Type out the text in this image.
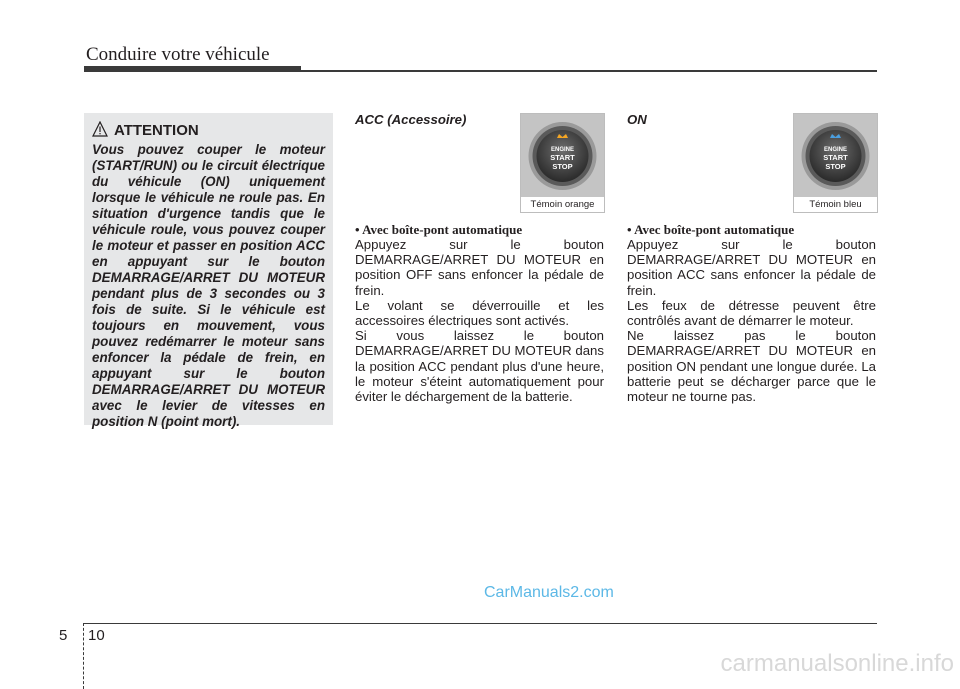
Conduire votre véhicule
ATTENTION
Vous pouvez couper le moteur (START/RUN) ou le circuit électrique du véhicule (ON) uniquement lorsque le véhicule ne roule pas. En situation d'urgence tandis que le véhicule roule, vous pouvez couper le moteur et passer en position ACC en appuyant sur le bouton DEMARRAGE/ARRET DU MOTEUR pendant plus de 3 secondes ou 3 fois de suite. Si le véhicule est toujours en mouvement, vous pouvez redémarrer le moteur sans enfoncer la pédale de frein, en appuyant sur le bouton DEMARRAGE/ARRET DU MOTEUR avec le levier de vitesses en position N (point mort).
ACC (Accessoire)
ENGINE
START
STOP
Témoin orange
• Avec boîte-pont automatique

Appuyez sur le bouton DEMARRAGE/ARRET DU MOTEUR en position OFF sans enfoncer la pédale de frein.

Le volant se déverrouille et les accessoires électriques sont activés.

Si vous laissez le bouton DEMARRAGE/ARRET DU MOTEUR dans la position ACC pendant plus d'une heure, le moteur s'éteint automatiquement pour éviter le déchargement de la batterie.

ON
ENGINE
START
STOP
Témoin bleu
• Avec boîte-pont automatique

Appuyez sur le bouton DEMARRAGE/ARRET DU MOTEUR en position ACC sans enfoncer la pédale de frein.

Les feux de détresse peuvent être contrôlés avant de démarrer le moteur.

Ne laissez pas le bouton DEMARRAGE/ARRET DU MOTEUR en position ON pendant une longue durée. La batterie peut se décharger parce que le moteur ne tourne pas.

CarManuals2.com
5 10
carmanualsonline.info
